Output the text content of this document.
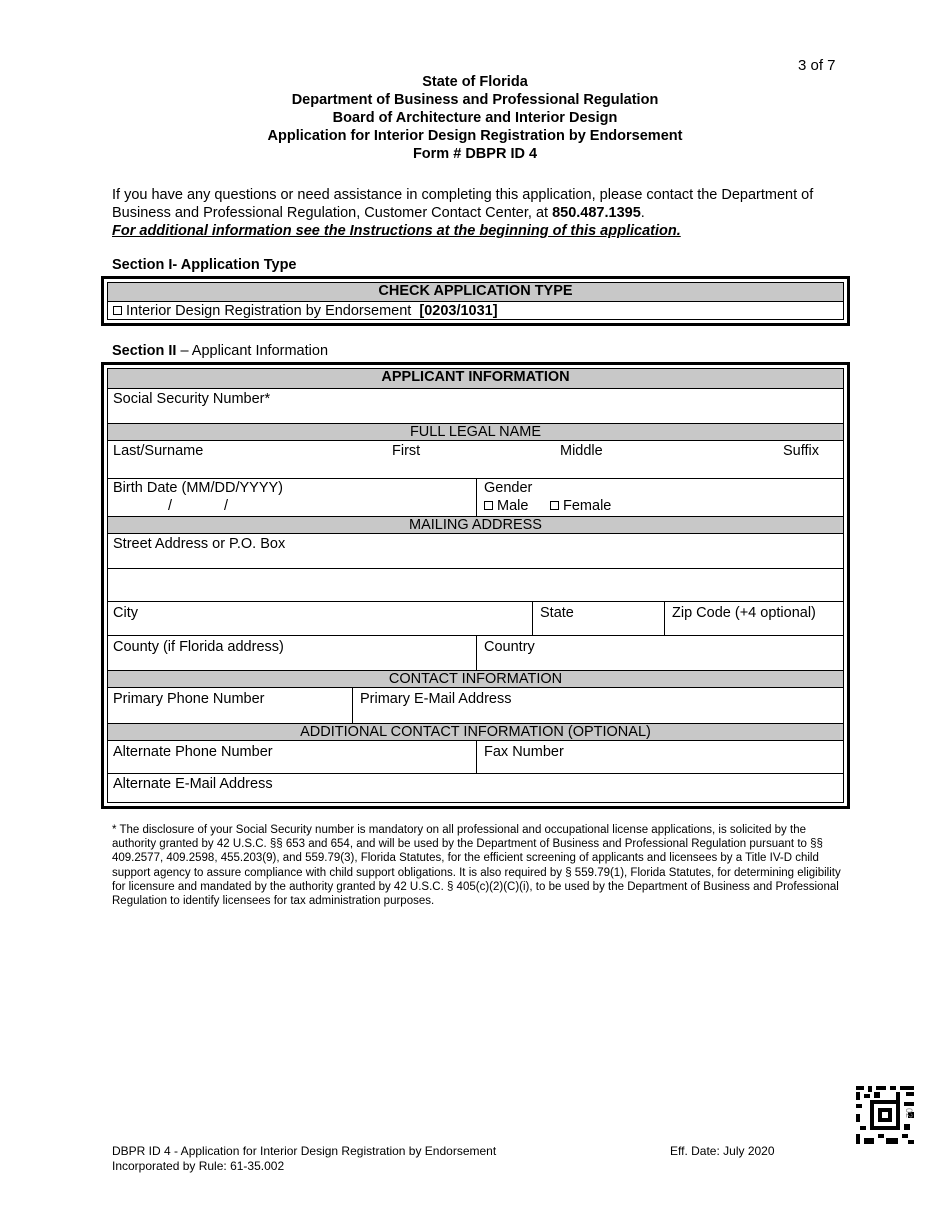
3 of 7
State of Florida
Department of Business and Professional Regulation
Board of Architecture and Interior Design
Application for Interior Design Registration by Endorsement
Form # DBPR ID 4
If you have any questions or need assistance in completing this application, please contact the Department of Business and Professional Regulation, Customer Contact Center, at 850.487.1395.
For additional information see the Instructions at the beginning of this application.
Section I- Application Type
CHECK APPLICATION TYPE
Interior Design Registration by Endorsement [0203/1031]
Section II – Applicant Information
APPLICANT INFORMATION
Social Security Number*
FULL LEGAL NAME
Last/Surname	First	Middle	Suffix
Birth Date (MM/DD/YYYY)
/	/
Gender
Male	Female
MAILING ADDRESS
Street Address or P.O. Box
City	State	Zip Code (+4 optional)
County (if Florida address)	Country
CONTACT INFORMATION
Primary Phone Number	Primary E-Mail Address
ADDITIONAL CONTACT INFORMATION (OPTIONAL)
Alternate Phone Number	Fax Number
Alternate E-Mail Address
* The disclosure of your Social Security number is mandatory on all professional and occupational license applications, is solicited by the authority granted by 42 U.S.C. §§ 653 and 654, and will be used by the Department of Business and Professional Regulation pursuant to §§ 409.2577, 409.2598, 455.203(9), and 559.79(3), Florida Statutes, for the efficient screening of applicants and licensees by a Title IV-D child support agency to assure compliance with child support obligations. It is also required by § 559.79(1), Florida Statutes, for determining eligibility for licensure and mandated by the authority granted by 42 U.S.C. § 405(c)(2)(C)(i), to be used by the Department of Business and Professional Regulation to identify licensees for tax administration purposes.
02
DBPR ID 4 - Application for Interior Design Registration by Endorsement
Incorporated by Rule: 61-35.002
Eff. Date: July 2020
